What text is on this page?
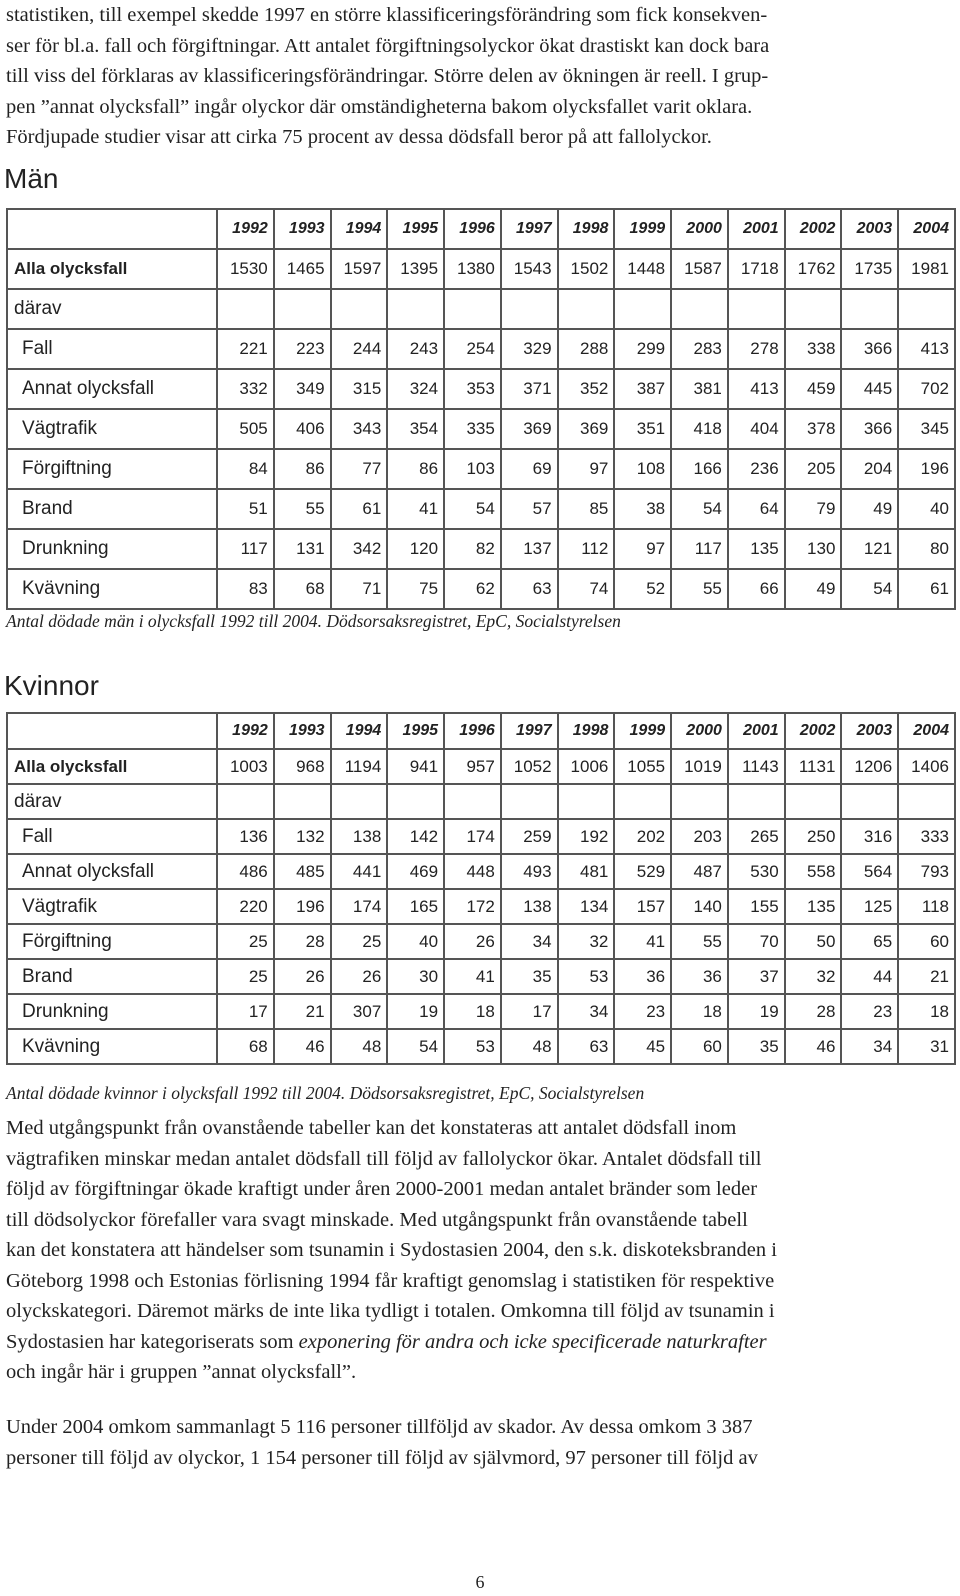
statistiken, till exempel skedde 1997 en större klassificeringsförändring som fick konsekven-
ser för bl.a. fall och förgiftningar. Att antalet förgiftningsolyckor ökat drastiskt kan dock bara
till viss del förklaras av klassificeringsförändringar. Större delen av ökningen är reell. I grup-
pen ”annat olycksfall” ingår olyckor där omständigheterna bakom olycksfallet varit oklara.
Fördjupade studier visar att cirka 75 procent av dessa dödsfall beror på att fallolyckor.
Män
	1992	1993	1994	1995	1996	1997	1998	1999	2000	2001	2002	2003	2004
Alla olycksfall	1530	1465	1597	1395	1380	1543	1502	1448	1587	1718	1762	1735	1981
därav													
Fall	221	223	244	243	254	329	288	299	283	278	338	366	413
Annat olycksfall	332	349	315	324	353	371	352	387	381	413	459	445	702
Vägtrafik	505	406	343	354	335	369	369	351	418	404	378	366	345
Förgiftning	84	86	77	86	103	69	97	108	166	236	205	204	196
Brand	51	55	61	41	54	57	85	38	54	64	79	49	40
Drunkning	117	131	342	120	82	137	112	97	117	135	130	121	80
Kvävning	83	68	71	75	62	63	74	52	55	66	49	54	61

Antal dödade män i olycksfall 1992 till 2004. Dödsorsaksregistret, EpC, Socialstyrelsen

Kvinnor
	1992	1993	1994	1995	1996	1997	1998	1999	2000	2001	2002	2003	2004
Alla olycksfall	1003	968	1194	941	957	1052	1006	1055	1019	1143	1131	1206	1406
därav													
Fall	136	132	138	142	174	259	192	202	203	265	250	316	333
Annat olycksfall	486	485	441	469	448	493	481	529	487	530	558	564	793
Vägtrafik	220	196	174	165	172	138	134	157	140	155	135	125	118
Förgiftning	25	28	25	40	26	34	32	41	55	70	50	65	60
Brand	25	26	26	30	41	35	53	36	36	37	32	44	21
Drunkning	17	21	307	19	18	17	34	23	18	19	28	23	18
Kvävning	68	46	48	54	53	48	63	45	60	35	46	34	31

Antal dödade kvinnor i olycksfall 1992 till 2004. Dödsorsaksregistret, EpC, Socialstyrelsen

Med utgångspunkt från ovanstående tabeller kan det konstateras att antalet dödsfall inom
vägtrafiken minskar medan antalet dödsfall till följd av fallolyckor ökar. Antalet dödsfall till
följd av förgiftningar ökade kraftigt under åren 2000-2001 medan antalet bränder som leder
till dödsolyckor förefaller vara svagt minskade. Med utgångspunkt från ovanstående tabell
kan det konstatera att händelser som tsunamin i Sydostasien 2004, den s.k. diskoteksbranden i
Göteborg 1998 och Estonias förlisning 1994 får kraftigt genomslag i statistiken för respektive
olyckskategori. Däremot märks de inte lika tydligt i totalen. Omkomna till följd av tsunamin i
Sydostasien har kategoriserats som exponering för andra och icke specificerade naturkrafter
och ingår här i gruppen ”annat olycksfall”.
Under 2004 omkom sammanlagt 5 116 personer tillföljd av skador. Av dessa omkom 3 387
personer till följd av olyckor, 1 154 personer till följd av självmord, 97 personer till följd av
6
